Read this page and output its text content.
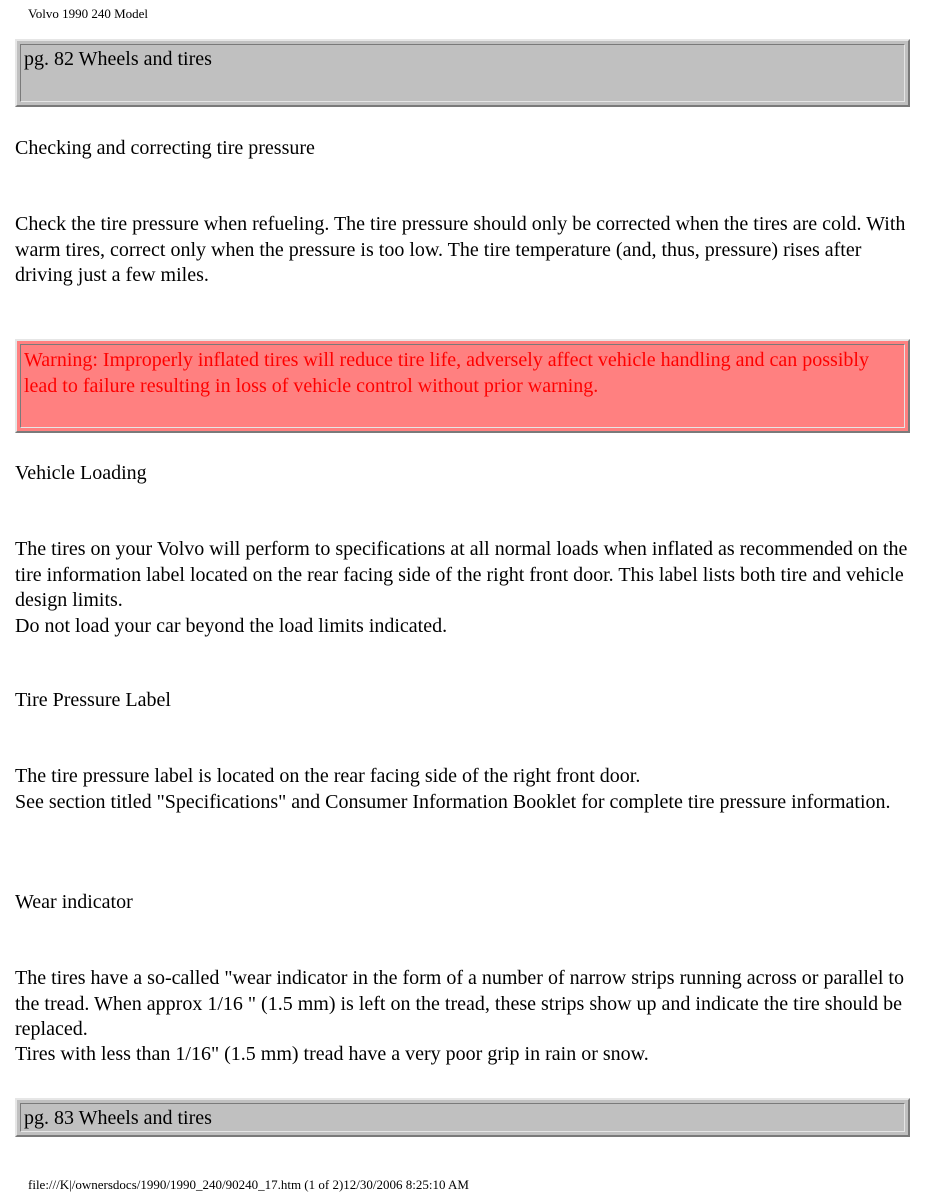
Volvo 1990 240 Model
pg. 82 Wheels and tires

Checking and correcting tire pressure

Check the tire pressure when refueling. The tire pressure should only be corrected when the tires are cold. With warm tires, correct only when the pressure is too low. The tire temperature (and, thus, pressure) rises after driving just a few miles.

Warning: Improperly inflated tires will reduce tire life, adversely affect vehicle handling and can possibly lead to failure resulting in loss of vehicle control without prior warning.

Vehicle Loading

The tires on your Volvo will perform to specifications at all normal loads when inflated as recommended on the tire information label located on the rear facing side of the right front door. This label lists both tire and vehicle design limits.

Do not load your car beyond the load limits indicated.

Tire Pressure Label

The tire pressure label is located on the rear facing side of the right front door.

See section titled "Specifications" and Consumer Information Booklet for complete tire pressure information.

Wear indicator

The tires have a so-called "wear indicator in the form of a number of narrow strips running across or parallel to the tread. When approx 1/16 " (1.5 mm) is left on the tread, these strips show up and indicate the tire should be replaced.

Tires with less than 1/16" (1.5 mm) tread have a very poor grip in rain or snow.

pg. 83 Wheels and tires
file:///K|/ownersdocs/1990/1990_240/90240_17.htm (1 of 2)12/30/2006 8:25:10 AM
